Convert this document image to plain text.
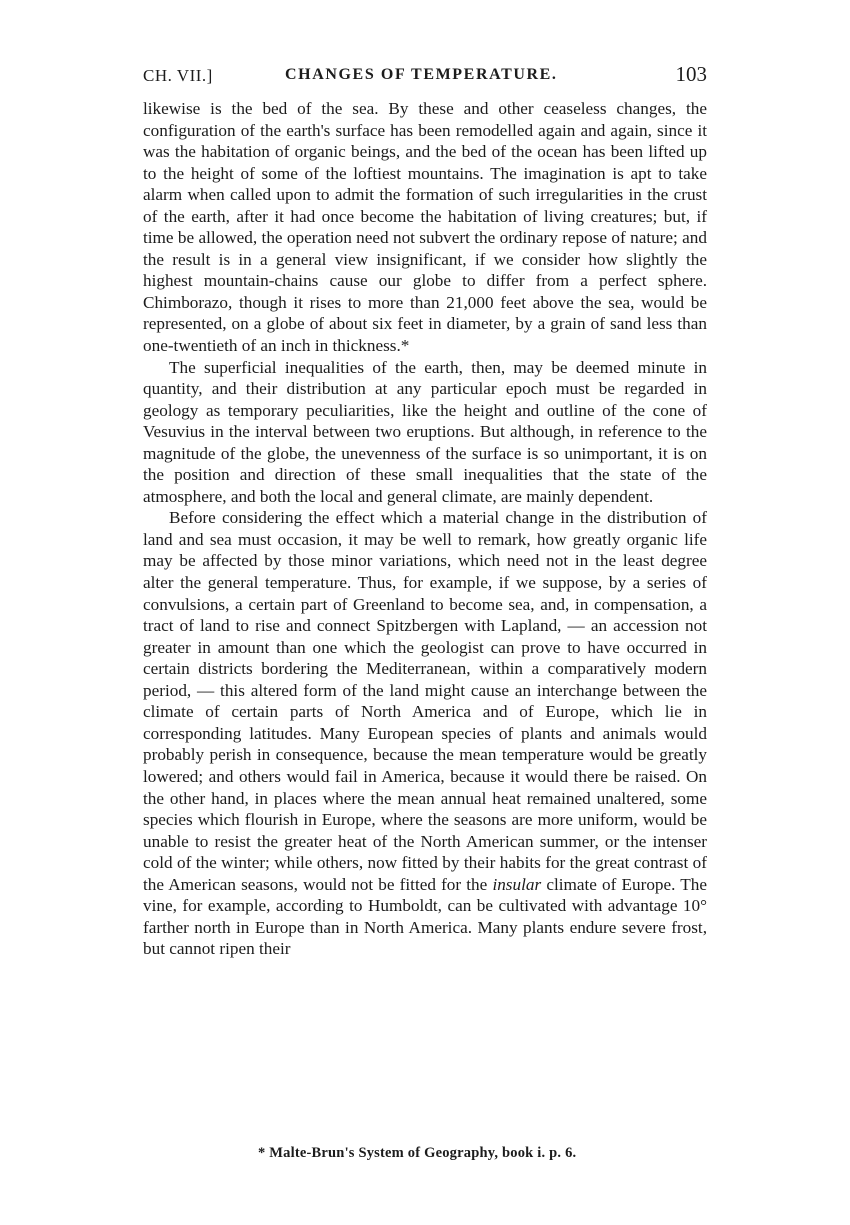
CH. VII.]	CHANGES OF TEMPERATURE.	103

likewise is the bed of the sea. By these and other ceaseless changes, the configuration of the earth's surface has been remodelled again and again, since it was the habitation of organic beings, and the bed of the ocean has been lifted up to the height of some of the loftiest mountains. The imagination is apt to take alarm when called upon to admit the formation of such irregularities in the crust of the earth, after it had once become the habitation of living creatures; but, if time be allowed, the operation need not subvert the ordinary repose of nature; and the result is in a general view insignificant, if we consider how slightly the highest mountain-chains cause our globe to differ from a perfect sphere. Chimborazo, though it rises to more than 21,000 feet above the sea, would be represented, on a globe of about six feet in diameter, by a grain of sand less than one-twentieth of an inch in thickness.*

The superficial inequalities of the earth, then, may be deemed minute in quantity, and their distribution at any particular epoch must be regarded in geology as temporary peculiarities, like the height and outline of the cone of Vesuvius in the interval between two eruptions. But although, in reference to the magnitude of the globe, the unevenness of the surface is so unimportant, it is on the position and direction of these small inequalities that the state of the atmosphere, and both the local and general climate, are mainly dependent.

Before considering the effect which a material change in the distribution of land and sea must occasion, it may be well to remark, how greatly organic life may be affected by those minor variations, which need not in the least degree alter the general temperature. Thus, for example, if we suppose, by a series of convulsions, a certain part of Greenland to become sea, and, in compensation, a tract of land to rise and connect Spitzbergen with Lapland, — an accession not greater in amount than one which the geologist can prove to have occurred in certain districts bordering the Mediterranean, within a comparatively modern period, — this altered form of the land might cause an interchange between the climate of certain parts of North America and of Europe, which lie in corresponding latitudes. Many European species of plants and animals would probably perish in consequence, because the mean temperature would be greatly lowered; and others would fail in America, because it would there be raised. On the other hand, in places where the mean annual heat remained unaltered, some species which flourish in Europe, where the seasons are more uniform, would be unable to resist the greater heat of the North American summer, or the intenser cold of the winter; while others, now fitted by their habits for the great contrast of the American seasons, would not be fitted for the insular climate of Europe. The vine, for example, according to Humboldt, can be cultivated with advantage 10° farther north in Europe than in North America. Many plants endure severe frost, but cannot ripen their

* Malte-Brun's System of Geography, book i. p. 6.
